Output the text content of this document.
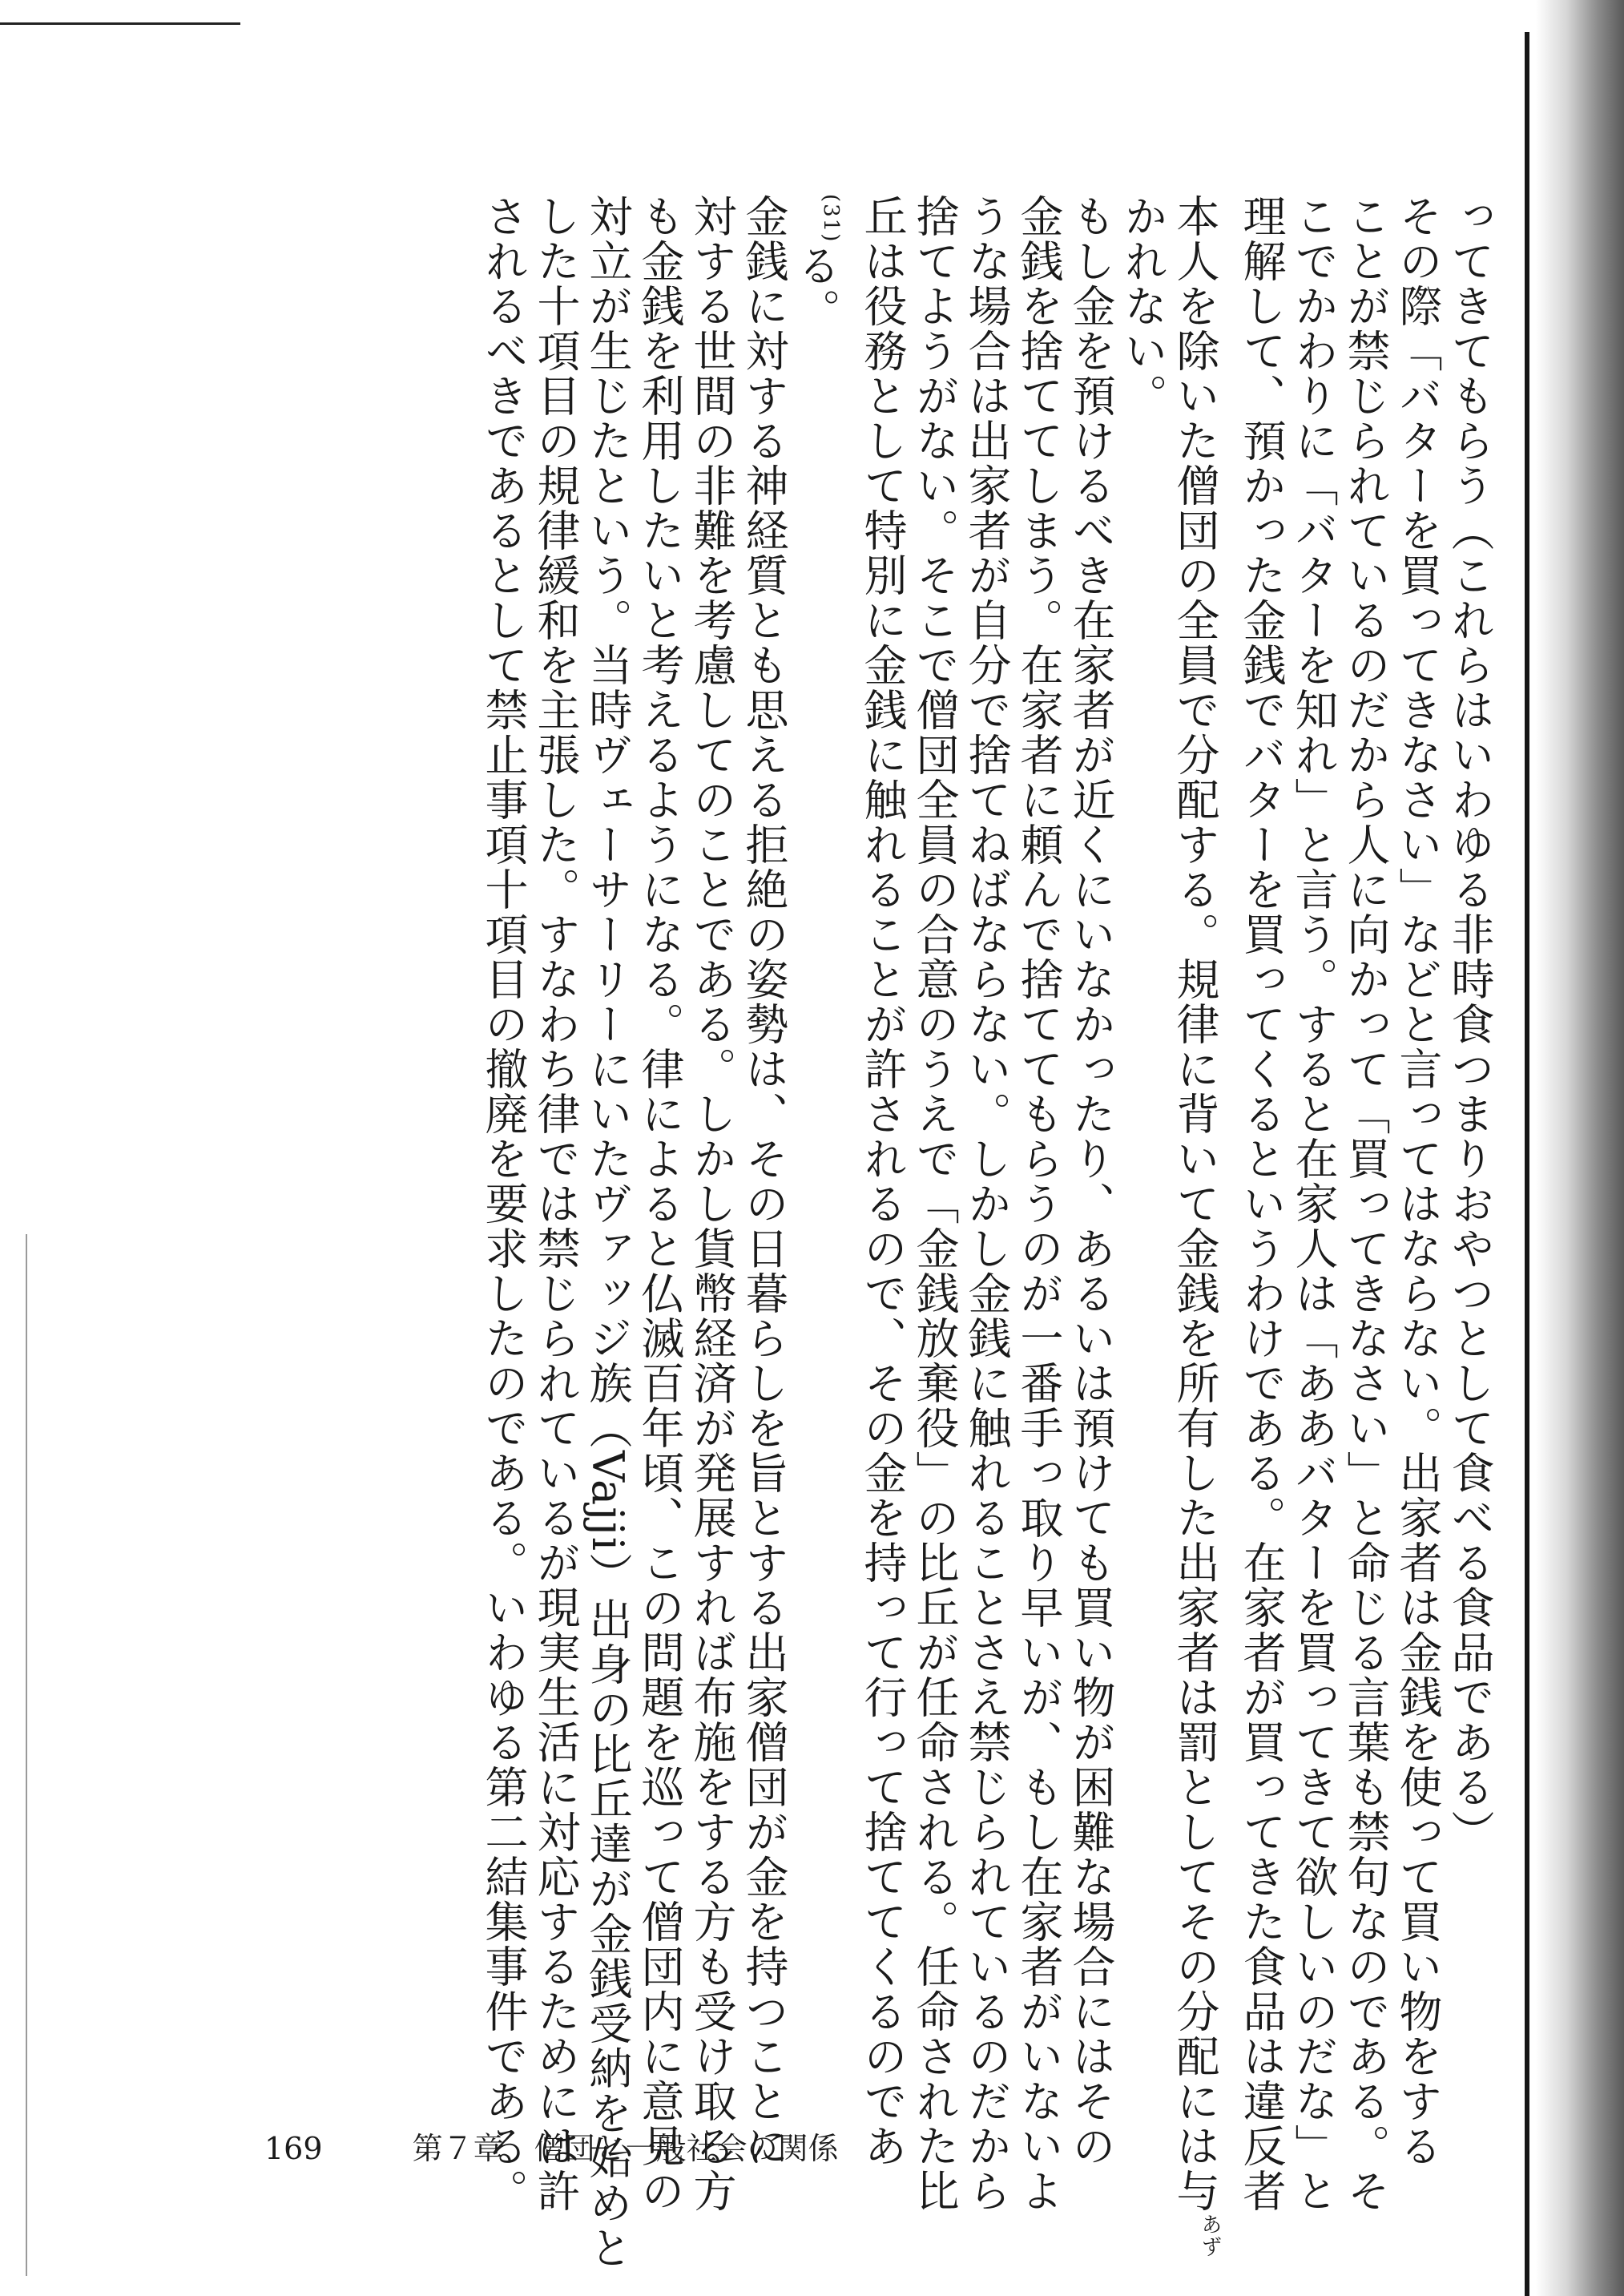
ってきてもらう（これらはいわゆる非時食つまりおやつとして食べる食品である）
その際「バターを買ってきなさい」などと言ってはならない。出家者は金銭を使って買い物をする
ことが禁じられているのだから人に向かって「買ってきなさい」と命じる言葉も禁句なのである。そ
こでかわりに「バターを知れ」と言う。すると在家人は「ああバターを買ってきて欲しいのだな」と
理解して、預かった金銭でバターを買ってくるというわけである。在家者が買ってきた食品は違反者
本人を除いた僧団の全員で分配する。規律に背いて金銭を所有した出家者は罰としてその分配には与$^{あず}$
かれない。
もし金を預けるべき在家者が近くにいなかったり、あるいは預けても買い物が困難な場合にはその
金銭を捨ててしまう。在家者に頼んで捨ててもらうのが一番手っ取り早いが、もし在家者がいないよ
うな場合は出家者が自分で捨てねばならない。しかし金銭に触れることさえ禁じられているのだから
捨てようがない。そこで僧団全員の合意のうえで「金銭放棄役」の比丘が任命される。任命された比
丘は役務として特別に金銭に触れることが許されるので、その金を持って行って捨ててくるのであ
$^{(31)}$る。
金銭に対する神経質とも思える拒絶の姿勢は、その日暮らしを旨とする出家僧団が金を持つことに
対する世間の非難を考慮してのことである。しかし貨幣経済が発展すれば布施をする方も受け取る方
も金銭を利用したいと考えるようになる。律によると仏滅百年頃、この問題を巡って僧団内に意見の
対立が生じたという。当時ヴェーサーリーにいたヴァッジ族（Vajji）出身の比丘達が金銭受納を始めと
した十項目の規律緩和を主張した。すなわち律では禁じられているが現実生活に対応するためには許
されるべきであるとして禁止事項十項目の撤廃を要求したのである。いわゆる第二結集事件である。
169	第７章　僧団と一般社会の関係
